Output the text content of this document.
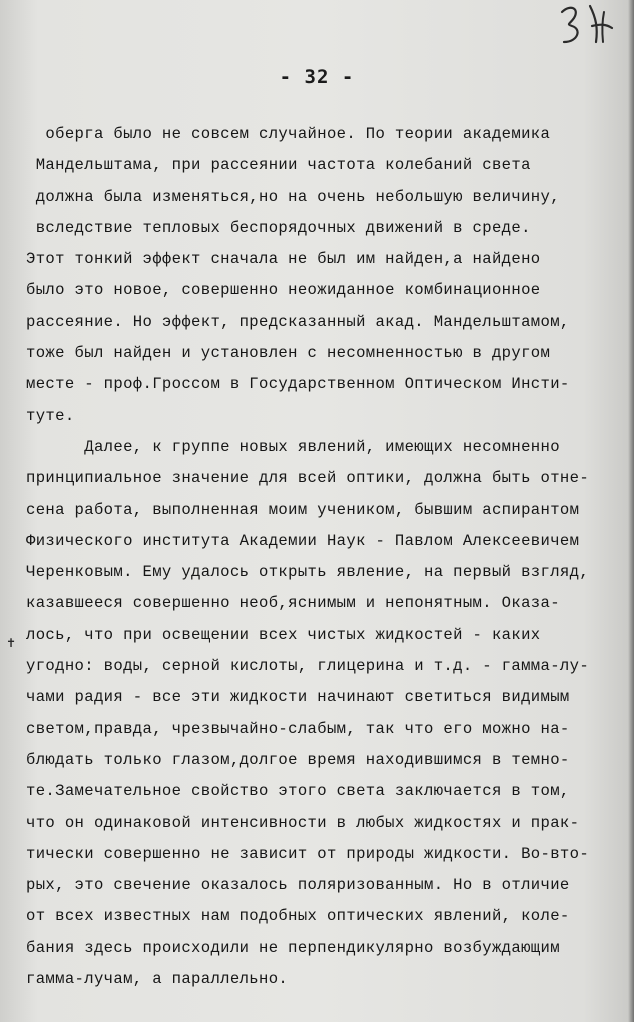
- 32 -
оберга было не совсем случайное. По теории академика
Мандельштама, при рассеянии частота колебаний света
должна была изменяться,но на очень небольшую величину,
вследствие тепловых беспорядочных движений в среде.
Этот тонкий эффект сначала не был им найден,а найдено
было это новое, совершенно неожиданное комбинационное
рассеяние. Но эффект, предсказанный акад. Мандельштамом,
тоже был найден и установлен с несомненностью в другом
месте - проф.Гроссом в Государственном Оптическом Инсти-
туте.
Далее, к группе новых явлений, имеющих несомненно
принципиальное значение для всей оптики, должна быть отне-
сена работа, выполненная моим учеником, бывшим аспирантом
Физического института Академии Наук - Павлом Алексеевичем
Черенковым. Ему удалось открыть явление, на первый взгляд,
казавшееся совершенно необ,яснимым и непонятным. Оказа-
лось, что при освещении всех чистых жидкостей - каких
угодно: воды, серной кислоты, глицерина и т.д. - гамма-лу-
чами радия - все эти жидкости начинают светиться видимым
светом,правда, чрезвычайно-слабым, так что его можно на-
блюдать только глазом,долгое время находившимся в темно-
те.Замечательное свойство этого света заключается в том,
что он одинаковой интенсивности в любых жидкостях и прак-
тически совершенно не зависит от природы жидкости. Во-вто-
рых, это свечение оказалось поляризованным. Но в отличие
от всех известных нам подобных оптических явлений, коле-
бания здесь происходили не перпендикулярно возбуждающим
гамма-лучам, а параллельно.
✝
